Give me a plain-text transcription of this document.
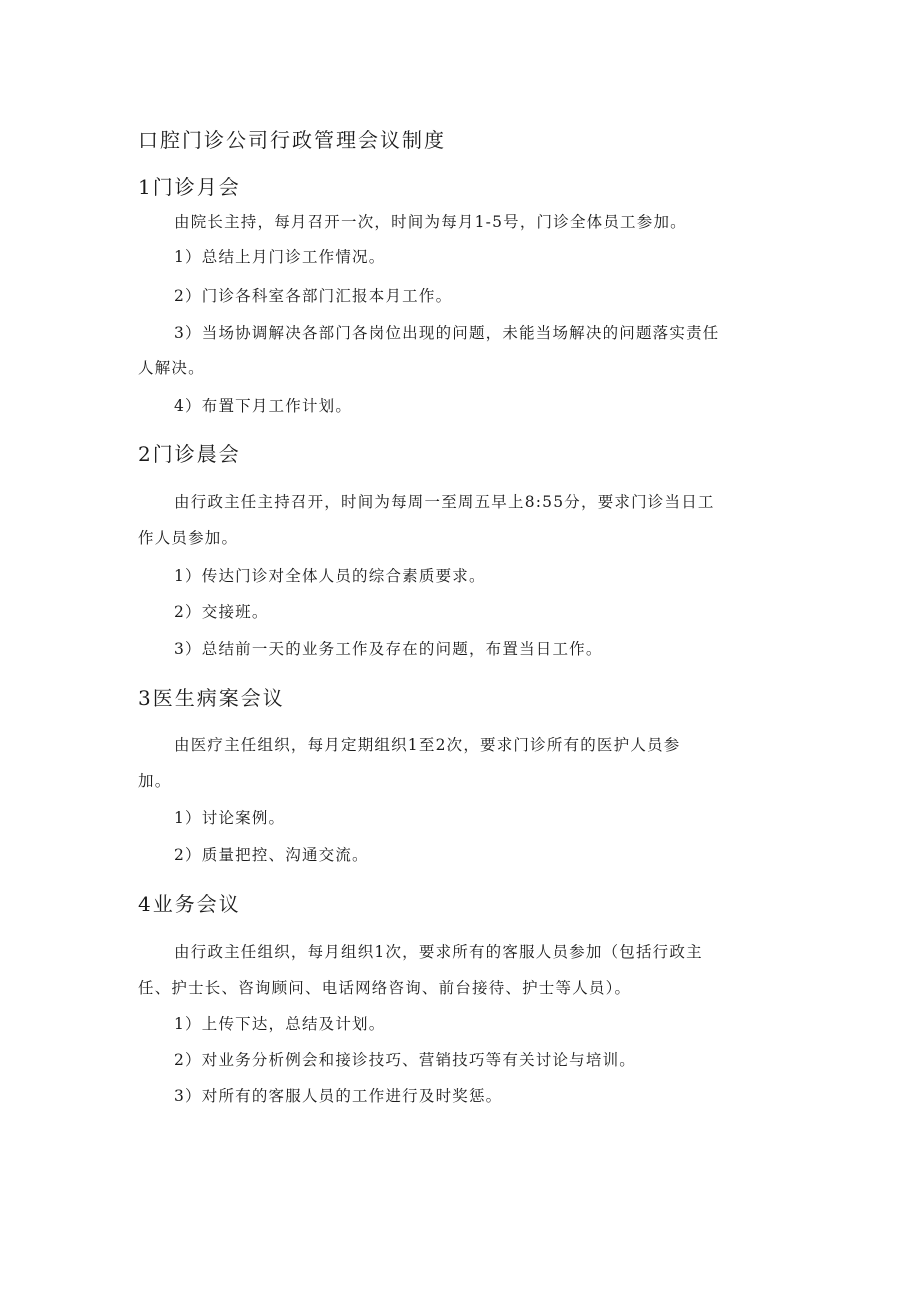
口腔门诊公司行政管理会议制度
1门诊月会
由院长主持，每月召开一次，时间为每月1-5号，门诊全体员工参加。
1）总结上月门诊工作情况。
2）门诊各科室各部门汇报本月工作。
3）当场协调解决各部门各岗位出现的问题，未能当场解决的问题落实责任
人解决。
4）布置下月工作计划。
2门诊晨会
由行政主任主持召开，时间为每周一至周五早上8:55分，要求门诊当日工
作人员参加。
1）传达门诊对全体人员的综合素质要求。
2）交接班。
3）总结前一天的业务工作及存在的问题，布置当日工作。
3医生病案会议
由医疗主任组织，每月定期组织1至2次，要求门诊所有的医护人员参
加。
1）讨论案例。
2）质量把控、沟通交流。
4业务会议
由行政主任组织，每月组织1次，要求所有的客服人员参加（包括行政主
任、护士长、咨询顾问、电话网络咨询、前台接待、护士等人员）。
1）上传下达，总结及计划。
2）对业务分析例会和接诊技巧、营销技巧等有关讨论与培训。
3）对所有的客服人员的工作进行及时奖惩。
